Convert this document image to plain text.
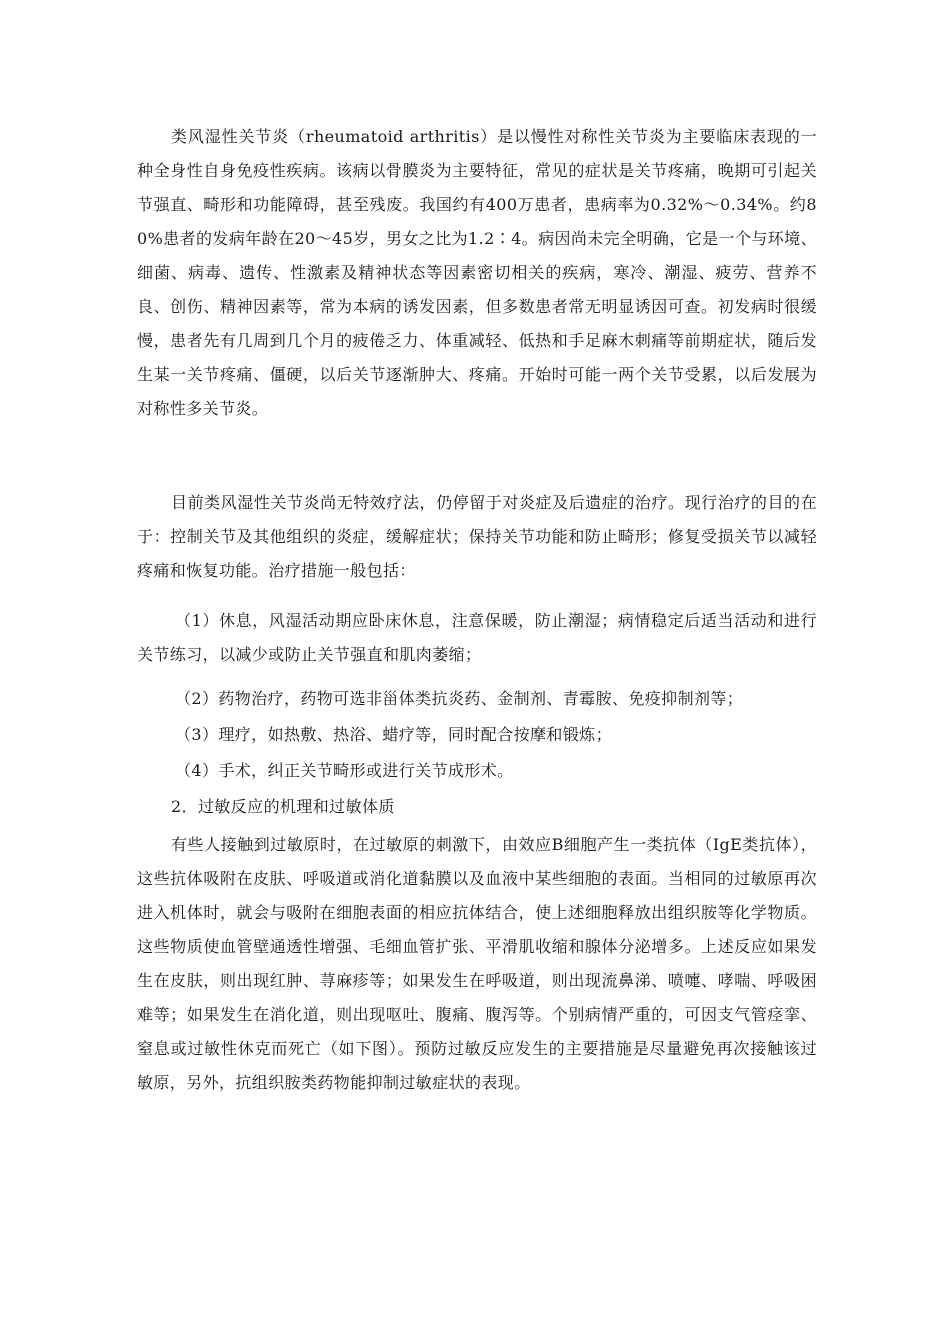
类风湿性关节炎（rheumatoid arthritis）是以慢性对称性关节炎为主要临床表现的一种全身性自身免疫性疾病。该病以骨膜炎为主要特征，常见的症状是关节疼痛，晚期可引起关节强直、畸形和功能障碍，甚至残废。我国约有400万患者，患病率为0.32%～0.34%。约80%患者的发病年龄在20～45岁，男女之比为1.2∶4。病因尚未完全明确，它是一个与环境、细菌、病毒、遗传、性激素及精神状态等因素密切相关的疾病，寒冷、潮湿、疲劳、营养不良、创伤、精神因素等，常为本病的诱发因素，但多数患者常无明显诱因可查。初发病时很缓慢，患者先有几周到几个月的疲倦乏力、体重减轻、低热和手足麻木刺痛等前期症状，随后发生某一关节疼痛、僵硬，以后关节逐渐肿大、疼痛。开始时可能一两个关节受累，以后发展为对称性多关节炎。

目前类风湿性关节炎尚无特效疗法，仍停留于对炎症及后遗症的治疗。现行治疗的目的在于：控制关节及其他组织的炎症，缓解症状；保持关节功能和防止畸形；修复受损关节以减轻疼痛和恢复功能。治疗措施一般包括：

（1）休息，风湿活动期应卧床休息，注意保暖，防止潮湿；病情稳定后适当活动和进行关节练习，以减少或防止关节强直和肌肉萎缩；

（2）药物治疗，药物可选非甾体类抗炎药、金制剂、青霉胺、免疫抑制剂等；

（3）理疗，如热敷、热浴、蜡疗等，同时配合按摩和锻炼；

（4）手术，纠正关节畸形或进行关节成形术。

2．过敏反应的机理和过敏体质

有些人接触到过敏原时，在过敏原的刺激下，由效应B细胞产生一类抗体（IgE类抗体），这些抗体吸附在皮肤、呼吸道或消化道黏膜以及血液中某些细胞的表面。当相同的过敏原再次进入机体时，就会与吸附在细胞表面的相应抗体结合，使上述细胞释放出组织胺等化学物质。这些物质使血管壁通透性增强、毛细血管扩张、平滑肌收缩和腺体分泌增多。上述反应如果发生在皮肤，则出现红肿、荨麻疹等；如果发生在呼吸道，则出现流鼻涕、喷嚏、哮喘、呼吸困难等；如果发生在消化道，则出现呕吐、腹痛、腹泻等。个别病情严重的，可因支气管痉挛、窒息或过敏性休克而死亡（如下图）。预防过敏反应发生的主要措施是尽量避免再次接触该过敏原，另外，抗组织胺类药物能抑制过敏症状的表现。
